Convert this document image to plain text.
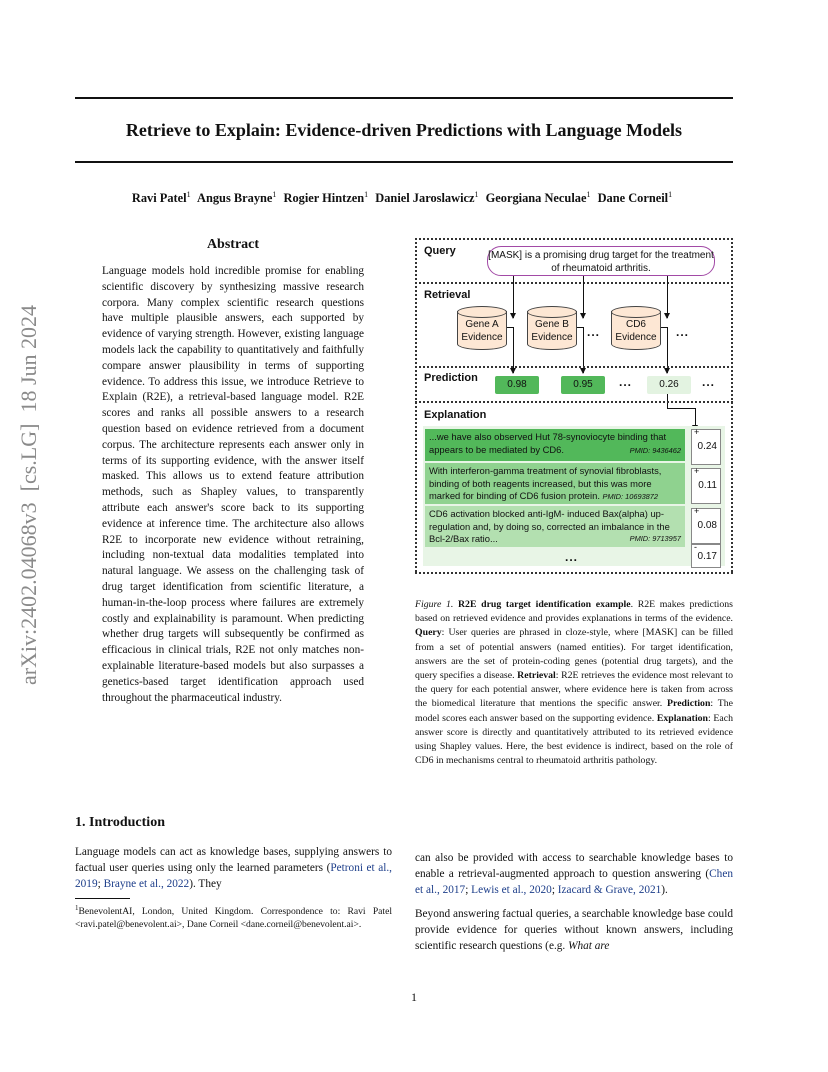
Retrieve to Explain: Evidence-driven Predictions with Language Models
Ravi Patel$^1$ Angus Brayne$^1$ Rogier Hintzen$^1$ Daniel Jaroslawicz$^1$ Georgiana Neculae$^1$ Dane Corneil$^1$
arXiv:2402.04068v3  [cs.LG]  18 Jun 2024
Abstract
Language models hold incredible promise for enabling scientific discovery by synthesizing massive research corpora. Many complex scientific research questions have multiple plausible answers, each supported by evidence of varying strength. However, existing language models lack the capability to quantitatively and faithfully compare answer plausibility in terms of supporting evidence. To address this issue, we introduce Retrieve to Explain (R2E), a retrieval-based language model. R2E scores and ranks all possible answers to a research question based on evidence retrieved from a document corpus. The architecture represents each answer only in terms of its supporting evidence, with the answer itself masked. This allows us to extend feature attribution methods, such as Shapley values, to transparently attribute each answer's score back to its supporting evidence at inference time. The architecture also allows R2E to incorporate new evidence without retraining, including non-textual data modalities templated into natural language. We assess on the challenging task of drug target identification from scientific literature, a human-in-the-loop process where failures are extremely costly and explainability is paramount. When predicting whether drug targets will subsequently be confirmed as efficacious in clinical trials, R2E not only matches non-explainable literature-based models but also surpasses a genetics-based target identification approach used throughout the pharmaceutical industry.
1. Introduction
Language models can act as knowledge bases, supplying answers to factual user queries using only the learned parameters (Petroni et al., 2019; Brayne et al., 2022). They
$^1$BenevolentAI, London, United Kingdom. Correspondence to: Ravi Patel <ravi.patel@benevolent.ai>, Dane Corneil <dane.corneil@benevolent.ai>.
Query	[MASK] is a promising drug target for the treatment of rheumatoid arthritis.
Retrieval
Gene A Evidence
Gene B Evidence	...
CD6 Evidence	...
Prediction
0.98	0.95	...	0.26	...
Explanation
...we have also observed Hut 78-synoviocyte binding that appears to be mediated by CD6.	PMID: 9436462
+
0.24
With interferon-gamma treatment of synovial fibroblasts, binding of both reagents increased, but this was more marked for binding of CD6 fusion protein. PMID: 10693872
+
0.11
CD6 activation blocked anti-IgM- induced Bax(alpha) up-regulation and, by doing so, corrected an imbalance in the Bcl-2/Bax ratio...	PMID: 9713957
+
0.08
...
-
0.17
Figure 1. R2E drug target identification example. R2E makes predictions based on retrieved evidence and provides explanations in terms of the evidence. Query: User queries are phrased in cloze-style, where [MASK] can be filled from a set of potential answers (named entities). For target identification, answers are the set of protein-coding genes (potential drug targets), and the query specifies a disease. Retrieval: R2E retrieves the evidence most relevant to the query for each potential answer, where evidence here is taken from across the biomedical literature that mentions the specific answer. Prediction: The model scores each answer based on the supporting evidence. Explanation: Each answer score is directly and quantitatively attributed to its retrieved evidence using Shapley values. Here, the best evidence is indirect, based on the role of CD6 in mechanisms central to rheumatoid arthritis pathology.

can also be provided with access to searchable knowledge bases to enable a retrieval-augmented approach to question answering (Chen et al., 2017; Lewis et al., 2020; Izacard & Grave, 2021).

Beyond answering factual queries, a searchable knowledge base could provide evidence for queries without known answers, including scientific research questions (e.g. What are

1
